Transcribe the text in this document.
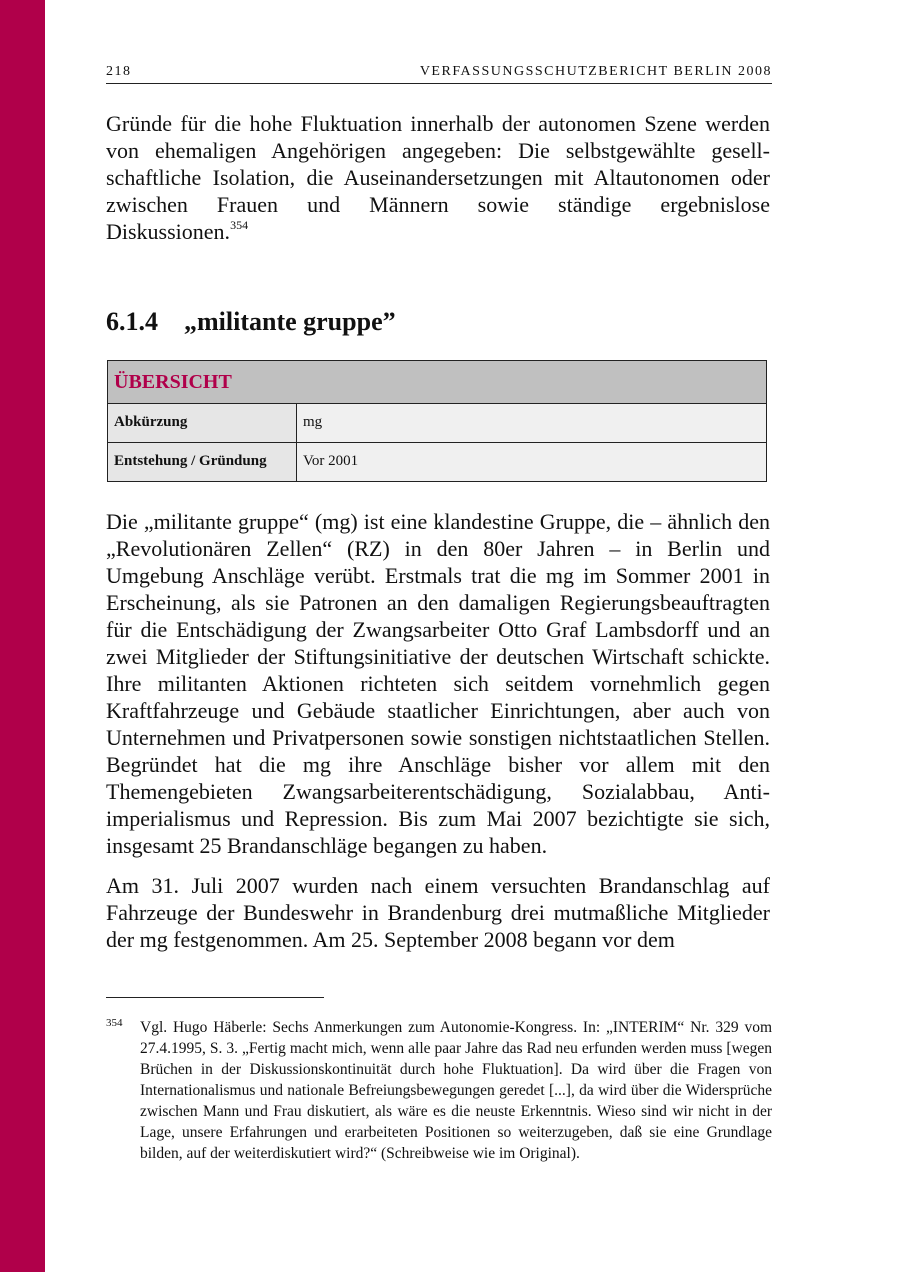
218	VERFASSUNGSSCHUTZBERICHT BERLIN 2008

Gründe für die hohe Fluktuation innerhalb der autonomen Szene werden von ehemaligen Angehörigen angegeben: Die selbstgewählte gesellschaftliche Isolation, die Auseinandersetzungen mit Altautonomen oder zwischen Frauen und Männern sowie ständige ergebnislose Diskussionen.$^{354}$

6.1.4 „militante gruppe”
ÜBERSICHT
Abkürzung	mg
Entstehung / Gründung	Vor 2001

Die „militante gruppe“ (mg) ist eine klandestine Gruppe, die – ähnlich den „Revolutionären Zellen“ (RZ) in den 80er Jahren – in Berlin und Umgebung Anschläge verübt. Erstmals trat die mg im Sommer 2001 in Erscheinung, als sie Patronen an den damaligen Regierungsbeauftragten für die Entschädigung der Zwangsarbeiter Otto Graf Lambsdorff und an zwei Mitglieder der Stiftungsinitiative der deutschen Wirtschaft schickte. Ihre militanten Aktionen richteten sich seitdem vornehmlich gegen Kraftfahrzeuge und Gebäude staatlicher Einrichtungen, aber auch von Unternehmen und Privatpersonen sowie sonstigen nichtstaatlichen Stellen. Begründet hat die mg ihre Anschläge bisher vor allem mit den Themengebieten Zwangsarbeiterentschädigung, Sozialabbau, Antiimperialismus und Repression. Bis zum Mai 2007 bezichtigte sie sich, insgesamt 25 Brandanschläge begangen zu haben.

Am 31. Juli 2007 wurden nach einem versuchten Brandanschlag auf Fahrzeuge der Bundeswehr in Brandenburg drei mutmaßliche Mitglieder der mg festgenommen. Am 25. September 2008 begann vor dem

354 Vgl. Hugo Häberle: Sechs Anmerkungen zum Autonomie-Kongress. In: „INTERIM“ Nr. 329 vom 27.4.1995, S. 3. „Fertig macht mich, wenn alle paar Jahre das Rad neu erfunden werden muss [wegen Brüchen in der Diskussionskontinuität durch hohe Fluktuation]. Da wird über die Fragen von Internationalismus und nationale Befreiungsbewegungen geredet [...], da wird über die Widersprüche zwischen Mann und Frau diskutiert, als wäre es die neuste Erkenntnis. Wieso sind wir nicht in der Lage, unsere Erfahrungen und erarbeiteten Positionen so weiterzugeben, daß sie eine Grundlage bilden, auf der weiterdiskutiert wird?“ (Schreibweise wie im Original).
